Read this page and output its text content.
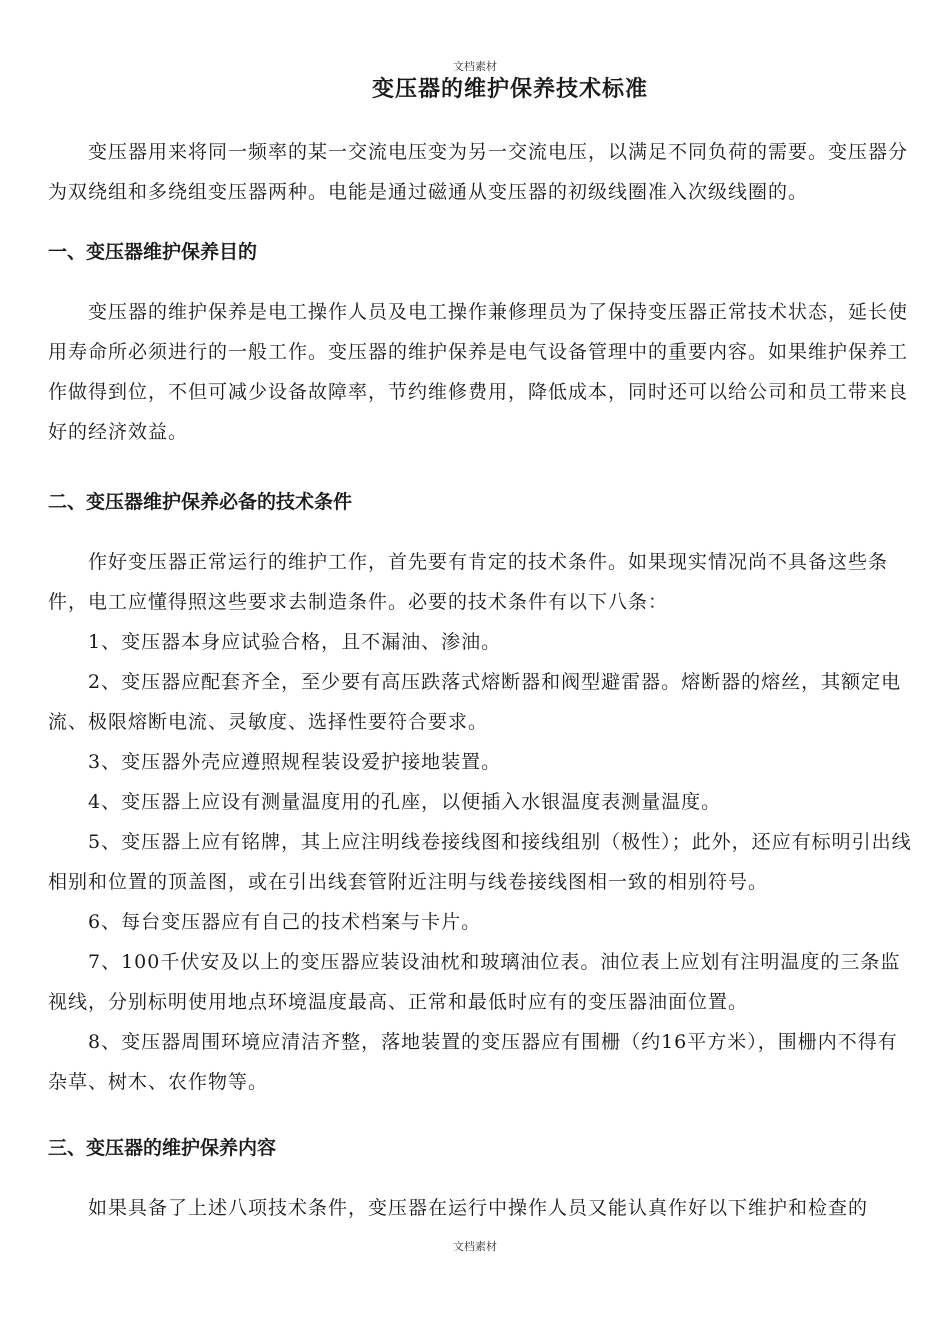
文档素材
变压器的维护保养技术标准

变压器用来将同一频率的某一交流电压变为另一交流电压，以满足不同负荷的需要。变压器分为双绕组和多绕组变压器两种。电能是通过磁通从变压器的初级线圈准入次级线圈的。

一、变压器维护保养目的

变压器的维护保养是电工操作人员及电工操作兼修理员为了保持变压器正常技术状态，延长使用寿命所必须进行的一般工作。变压器的维护保养是电气设备管理中的重要内容。如果维护保养工作做得到位，不但可减少设备故障率，节约维修费用，降低成本，同时还可以给公司和员工带来良好的经济效益。

二、变压器维护保养必备的技术条件

作好变压器正常运行的维护工作，首先要有肯定的技术条件。如果现实情况尚不具备这些条件，电工应懂得照这些要求去制造条件。必要的技术条件有以下八条：

1、变压器本身应试验合格，且不漏油、渗油。

2、变压器应配套齐全，至少要有高压跌落式熔断器和阀型避雷器。熔断器的熔丝，其额定电流、极限熔断电流、灵敏度、选择性要符合要求。

3、变压器外壳应遵照规程装设爱护接地装置。

4、变压器上应设有测量温度用的孔座，以便插入水银温度表测量温度。

5、变压器上应有铭牌，其上应注明线卷接线图和接线组别（极性）；此外，还应有标明引出线相别和位置的顶盖图，或在引出线套管附近注明与线卷接线图相一致的相别符号。

6、每台变压器应有自己的技术档案与卡片。

7、100千伏安及以上的变压器应装设油枕和玻璃油位表。油位表上应划有注明温度的三条监视线，分别标明使用地点环境温度最高、正常和最低时应有的变压器油面位置。

8、变压器周围环境应清洁齐整，落地装置的变压器应有围栅（约16平方米），围栅内不得有杂草、树木、农作物等。

三、变压器的维护保养内容

如果具备了上述八项技术条件，变压器在运行中操作人员又能认真作好以下维护和检查的

文档素材
